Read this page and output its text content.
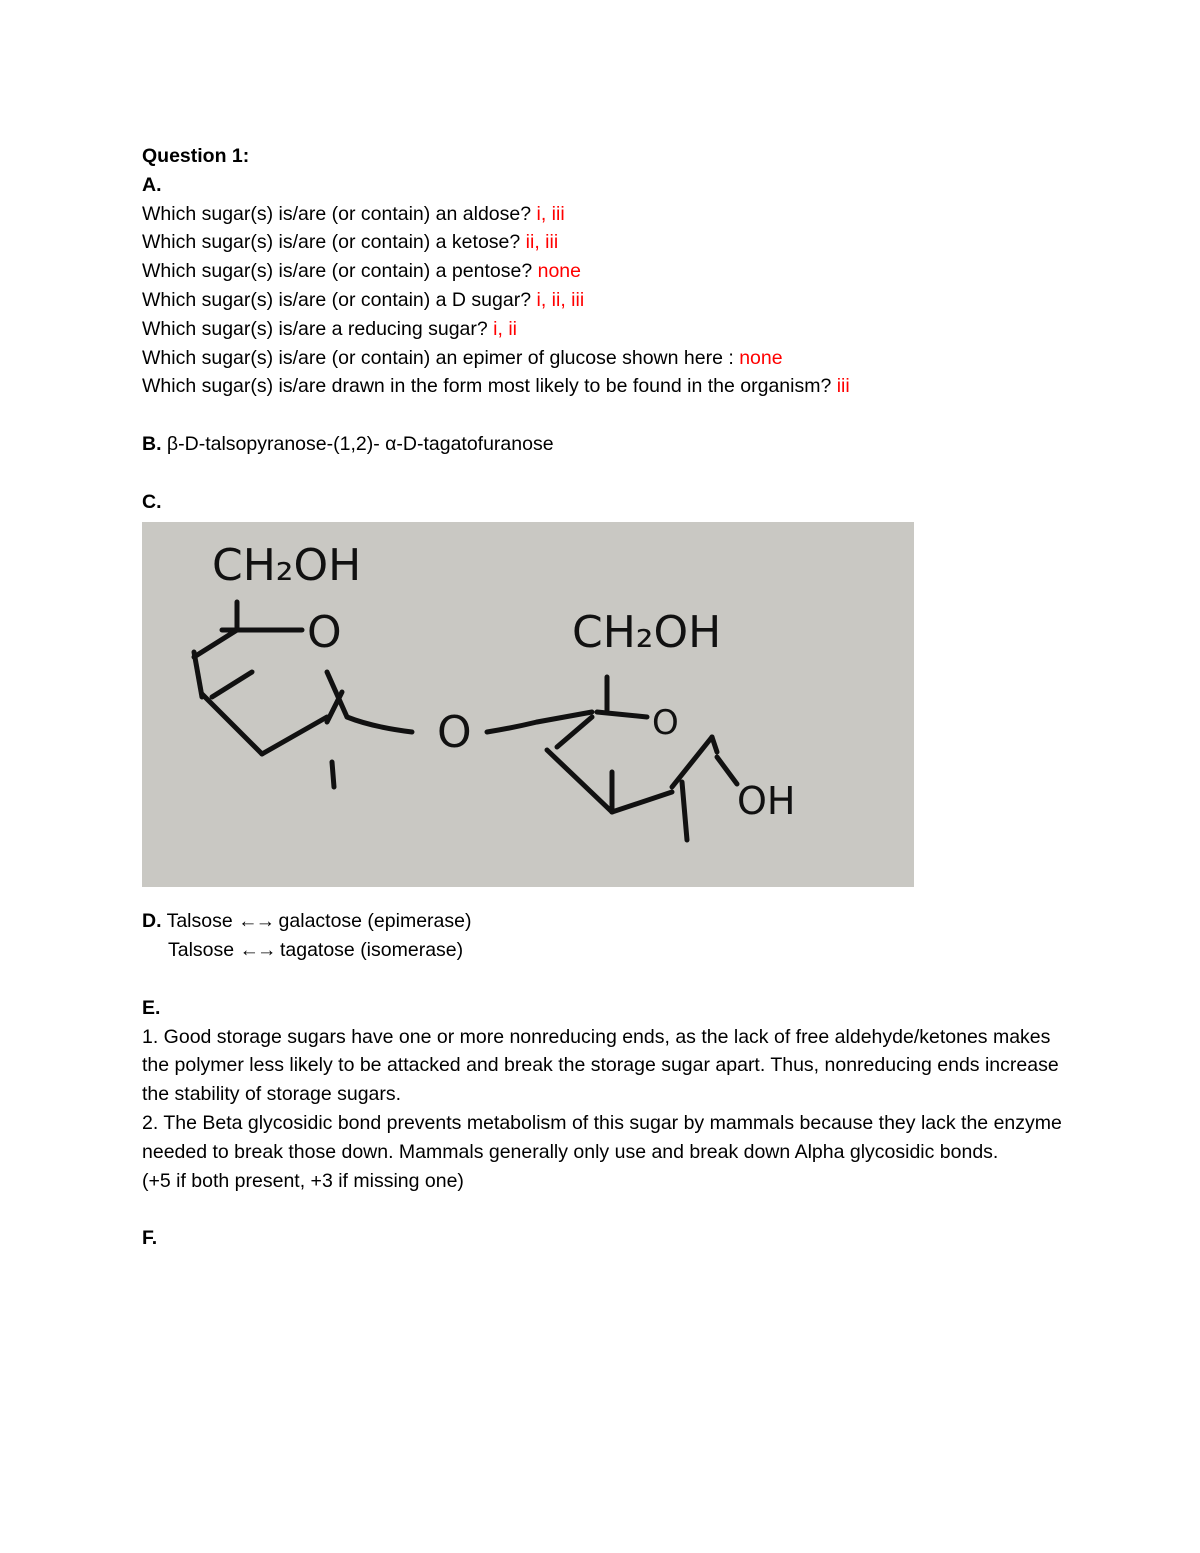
Question 1:
A.
Which sugar(s) is/are (or contain) an aldose? i, iii
Which sugar(s) is/are (or contain) a ketose? ii, iii
Which sugar(s) is/are (or contain) a pentose? none
Which sugar(s) is/are (or contain) a D sugar? i, ii, iii
Which sugar(s) is/are a reducing sugar? i, ii
Which sugar(s) is/are (or contain) an epimer of glucose shown here : none
Which sugar(s) is/are drawn in the form most likely to be found in the organism? iii
B. β-D-talsopyranose-(1,2)- α-D-tagatofuranose
C.
CH₂OH
CH₂OH
O
O	O
OH
D. Talsose ←→ galactose (epimerase)
Talsose ←→ tagatose (isomerase)
E.
1. Good storage sugars have one or more nonreducing ends, as the lack of free aldehyde/ketones makes the polymer less likely to be attacked and break the storage sugar apart. Thus, nonreducing ends increase the stability of storage sugars.
2. The Beta glycosidic bond prevents metabolism of this sugar by mammals because they lack the enzyme needed to break those down. Mammals generally only use and break down Alpha glycosidic bonds.
(+5 if both present, +3 if missing one)
F.
